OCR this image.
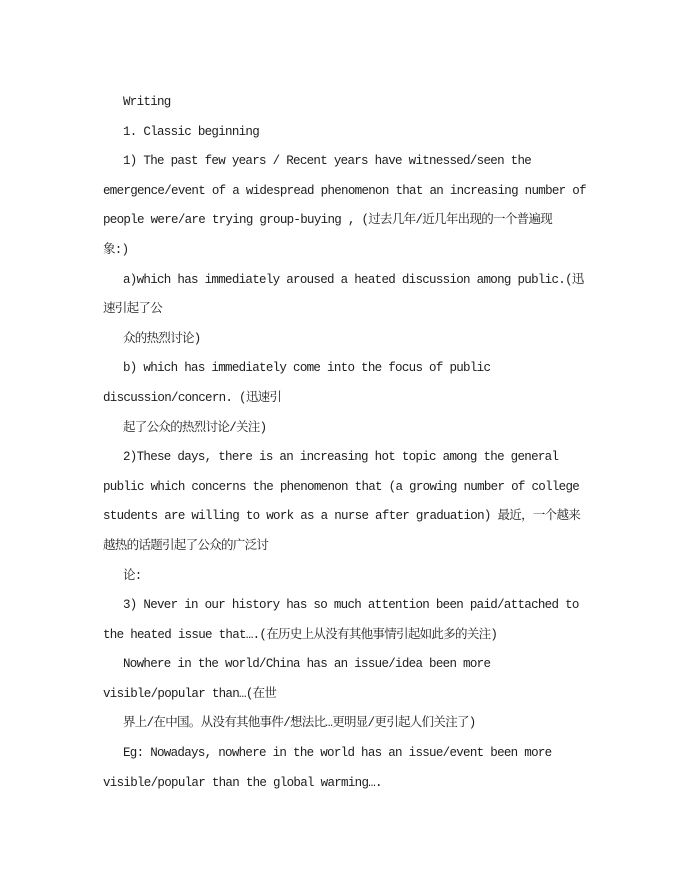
Writing
1. Classic beginning
1) The past few years / Recent years have witnessed/seen the
emergence/event of a widespread phenomenon that an increasing number of
people were/are trying group-buying , (过去几年/近几年出现的一个普遍现
象:)
a)which has immediately aroused a heated discussion among public.(迅
速引起了公
众的热烈讨论)
b) which has immediately come into the focus of public
discussion/concern. (迅速引
起了公众的热烈讨论/关注)
2)These days, there is an increasing hot topic among the general
public which concerns the phenomenon that (a growing number of college
students are willing to work as a nurse after graduation) 最近，一个越来
越热的话题引起了公众的广泛讨
论:
3) Never in our history has so much attention been paid/attached to
the heated issue that….(在历史上从没有其他事情引起如此多的关注)
Nowhere in the world/China has an issue/idea been more
visible/popular than…(在世
界上/在中国。从没有其他事件/想法比…更明显/更引起人们关注了)
Eg: Nowadays, nowhere in the world has an issue/event been more
visible/popular than the global warming….
